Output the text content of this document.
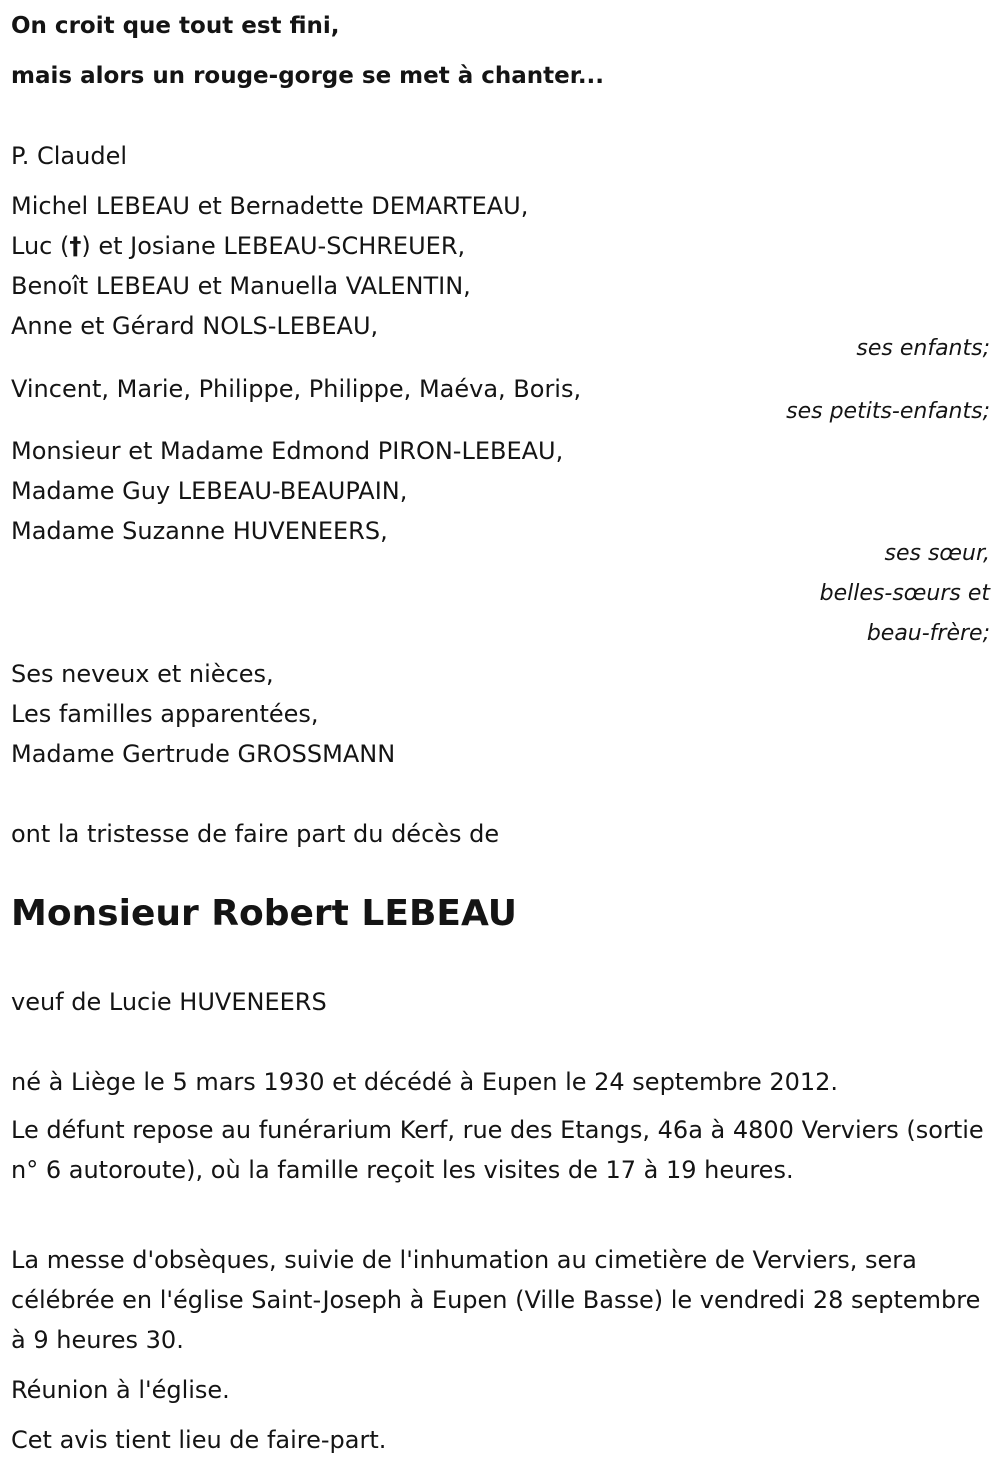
On croit que tout est fini,
mais alors un rouge-gorge se met à chanter...
P. Claudel
Michel LEBEAU et Bernadette DEMARTEAU,
Luc (†) et Josiane LEBEAU-SCHREUER,
Benoît LEBEAU et Manuella VALENTIN,
Anne et Gérard NOLS-LEBEAU,
ses enfants;
Vincent, Marie, Philippe, Philippe, Maéva, Boris,
ses petits-enfants;
Monsieur et Madame Edmond PIRON-LEBEAU,
Madame Guy LEBEAU-BEAUPAIN,
Madame Suzanne HUVENEERS,
ses sœur,
belles-sœurs et
beau-frère;
Ses neveux et nièces,
Les familles apparentées,
Madame Gertrude GROSSMANN
ont la tristesse de faire part du décès de
Monsieur Robert LEBEAU
veuf de Lucie HUVENEERS
né à Liège le 5 mars 1930 et décédé à Eupen le 24 septembre 2012.
Le défunt repose au funérarium Kerf, rue des Etangs, 46a à 4800 Verviers (sortie n° 6 autoroute), où la famille reçoit les visites de 17 à 19 heures.
La messe d'obsèques, suivie de l'inhumation au cimetière de Verviers, sera célébrée en l'église Saint-Joseph à Eupen (Ville Basse) le vendredi 28 septembre à 9 heures 30.
Réunion à l'église.
Cet avis tient lieu de faire-part.
